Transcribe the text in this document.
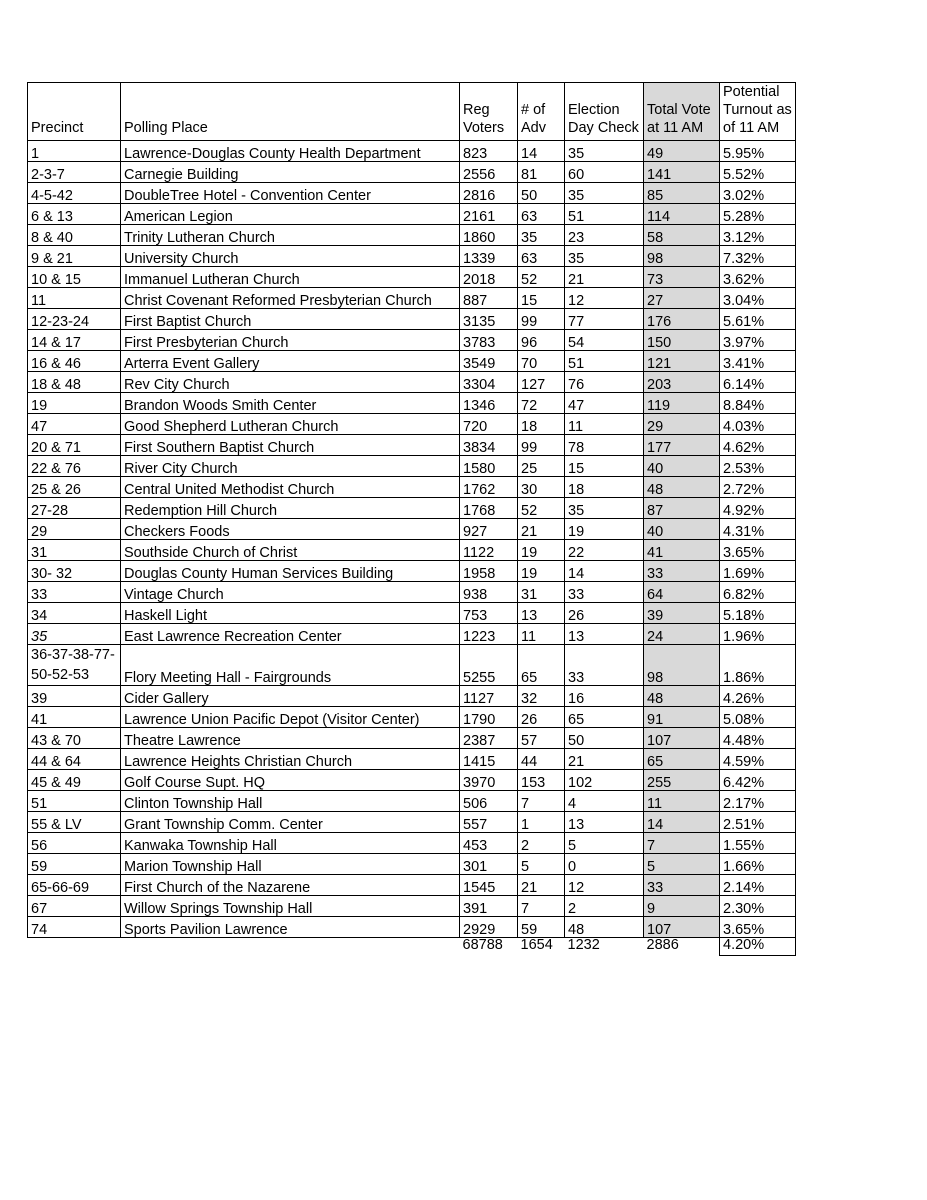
Precinct	Polling Place	Reg Voters	# of Adv	Election Day Check	Total Vote at 11 AM	Potential Turnout as of 11 AM
1	Lawrence-Douglas County Health Department	823	14	35	49	5.95%
2-3-7	Carnegie Building	2556	81	60	141	5.52%
4-5-42	DoubleTree Hotel - Convention Center	2816	50	35	85	3.02%
6 & 13	American Legion	2161	63	51	114	5.28%
8 & 40	Trinity Lutheran Church	1860	35	23	58	3.12%
9 & 21	University Church	1339	63	35	98	7.32%
10 & 15	Immanuel Lutheran Church	2018	52	21	73	3.62%
11	Christ Covenant Reformed Presbyterian Church	887	15	12	27	3.04%
12-23-24	First Baptist Church	3135	99	77	176	5.61%
14 & 17	First Presbyterian Church	3783	96	54	150	3.97%
16 & 46	Arterra Event Gallery	3549	70	51	121	3.41%
18 & 48	Rev City Church	3304	127	76	203	6.14%
19	Brandon Woods Smith Center	1346	72	47	119	8.84%
47	Good Shepherd Lutheran Church	720	18	11	29	4.03%
20 & 71	First Southern Baptist Church	3834	99	78	177	4.62%
22 & 76	River City Church	1580	25	15	40	2.53%
25 & 26	Central United Methodist Church	1762	30	18	48	2.72%
27-28	Redemption Hill Church	1768	52	35	87	4.92%
29	Checkers Foods	927	21	19	40	4.31%
31	Southside Church of Christ	1122	19	22	41	3.65%
30- 32	Douglas County Human Services Building	1958	19	14	33	1.69%
33	Vintage Church	938	31	33	64	6.82%
34	Haskell Light	753	13	26	39	5.18%
35	East Lawrence Recreation Center	1223	11	13	24	1.96%
36-37-38-77-
50-52-53	Flory Meeting Hall - Fairgrounds	5255	65	33	98	1.86%
39	Cider Gallery	1127	32	16	48	4.26%
41	Lawrence Union Pacific Depot (Visitor Center)	1790	26	65	91	5.08%
43 & 70	Theatre Lawrence	2387	57	50	107	4.48%
44 & 64	Lawrence Heights Christian Church	1415	44	21	65	4.59%
45 & 49	Golf Course Supt. HQ	3970	153	102	255	6.42%
51	Clinton Township Hall	506	7	4	11	2.17%
55 & LV	Grant Township Comm. Center	557	1	13	14	2.51%
56	Kanwaka Township Hall	453	2	5	7	1.55%
59	Marion Township Hall	301	5	0	5	1.66%
65-66-69	First Church of the Nazarene	1545	21	12	33	2.14%
67	Willow Springs Township Hall	391	7	2	9	2.30%
74	Sports Pavilion Lawrence	2929	59	48	107	3.65%
		68788	1654	1232	2886	4.20%
